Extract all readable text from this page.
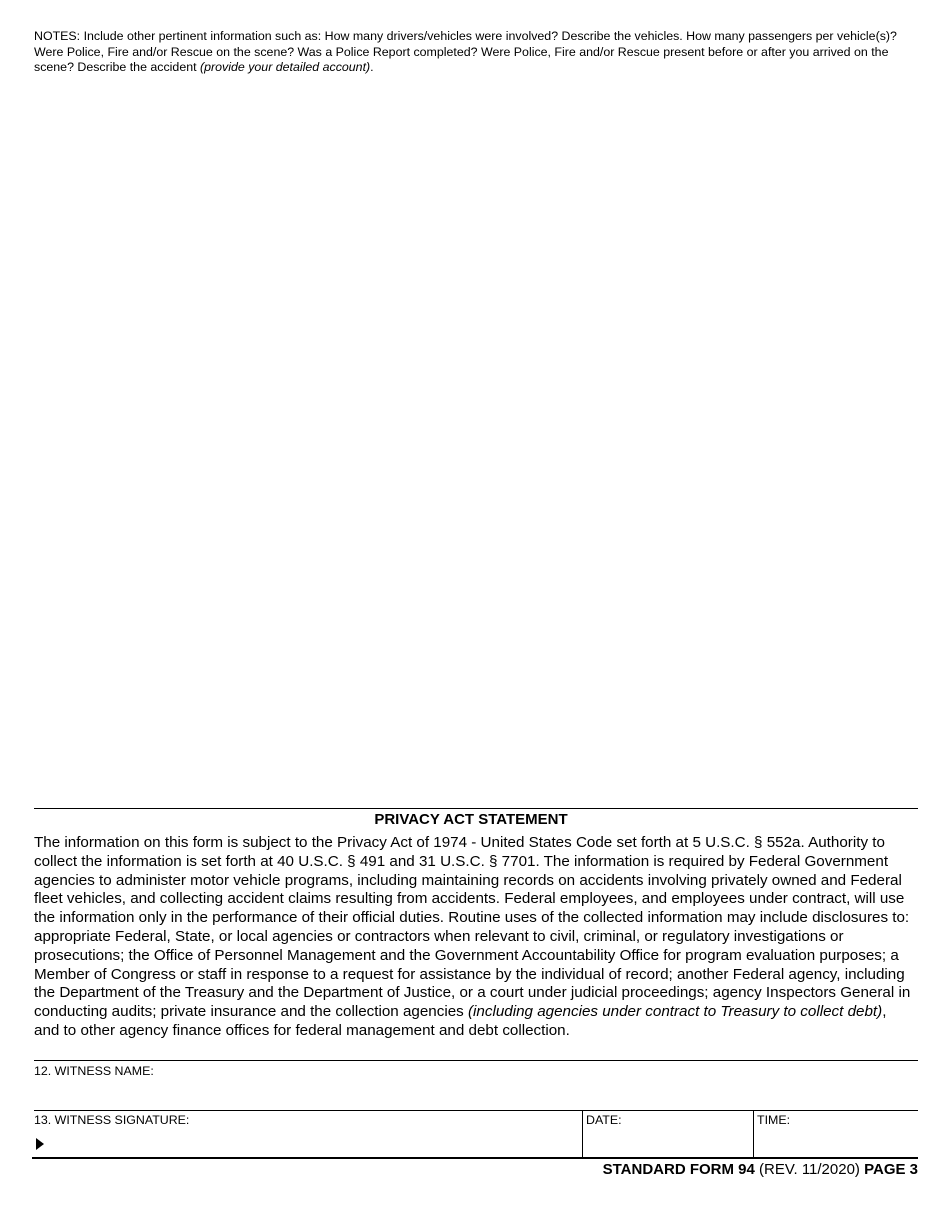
NOTES: Include other pertinent information such as: How many drivers/vehicles were involved? Describe the vehicles. How many passengers per vehicle(s)? Were Police, Fire and/or Rescue on the scene? Was a Police Report completed? Were Police, Fire and/or Rescue present before or after you arrived on the scene? Describe the accident (provide your detailed account).
PRIVACY ACT STATEMENT
The information on this form is subject to the Privacy Act of 1974 - United States Code set forth at 5 U.S.C. § 552a. Authority to collect the information is set forth at 40 U.S.C. § 491 and 31 U.S.C. § 7701. The information is required by Federal Government agencies to administer motor vehicle programs, including maintaining records on accidents involving privately owned and Federal fleet vehicles, and collecting accident claims resulting from accidents. Federal employees, and employees under contract, will use the information only in the performance of their official duties. Routine uses of the collected information may include disclosures to: appropriate Federal, State, or local agencies or contractors when relevant to civil, criminal, or regulatory investigations or prosecutions; the Office of Personnel Management and the Government Accountability Office for program evaluation purposes; a Member of Congress or staff in response to a request for assistance by the individual of record; another Federal agency, including the Department of the Treasury and the Department of Justice, or a court under judicial proceedings; agency Inspectors General in conducting audits; private insurance and the collection agencies (including agencies under contract to Treasury to collect debt), and to other agency finance offices for federal management and debt collection.
12. WITNESS NAME:
13. WITNESS SIGNATURE:	DATE:	TIME:
STANDARD FORM 94 (REV. 11/2020) PAGE 3
